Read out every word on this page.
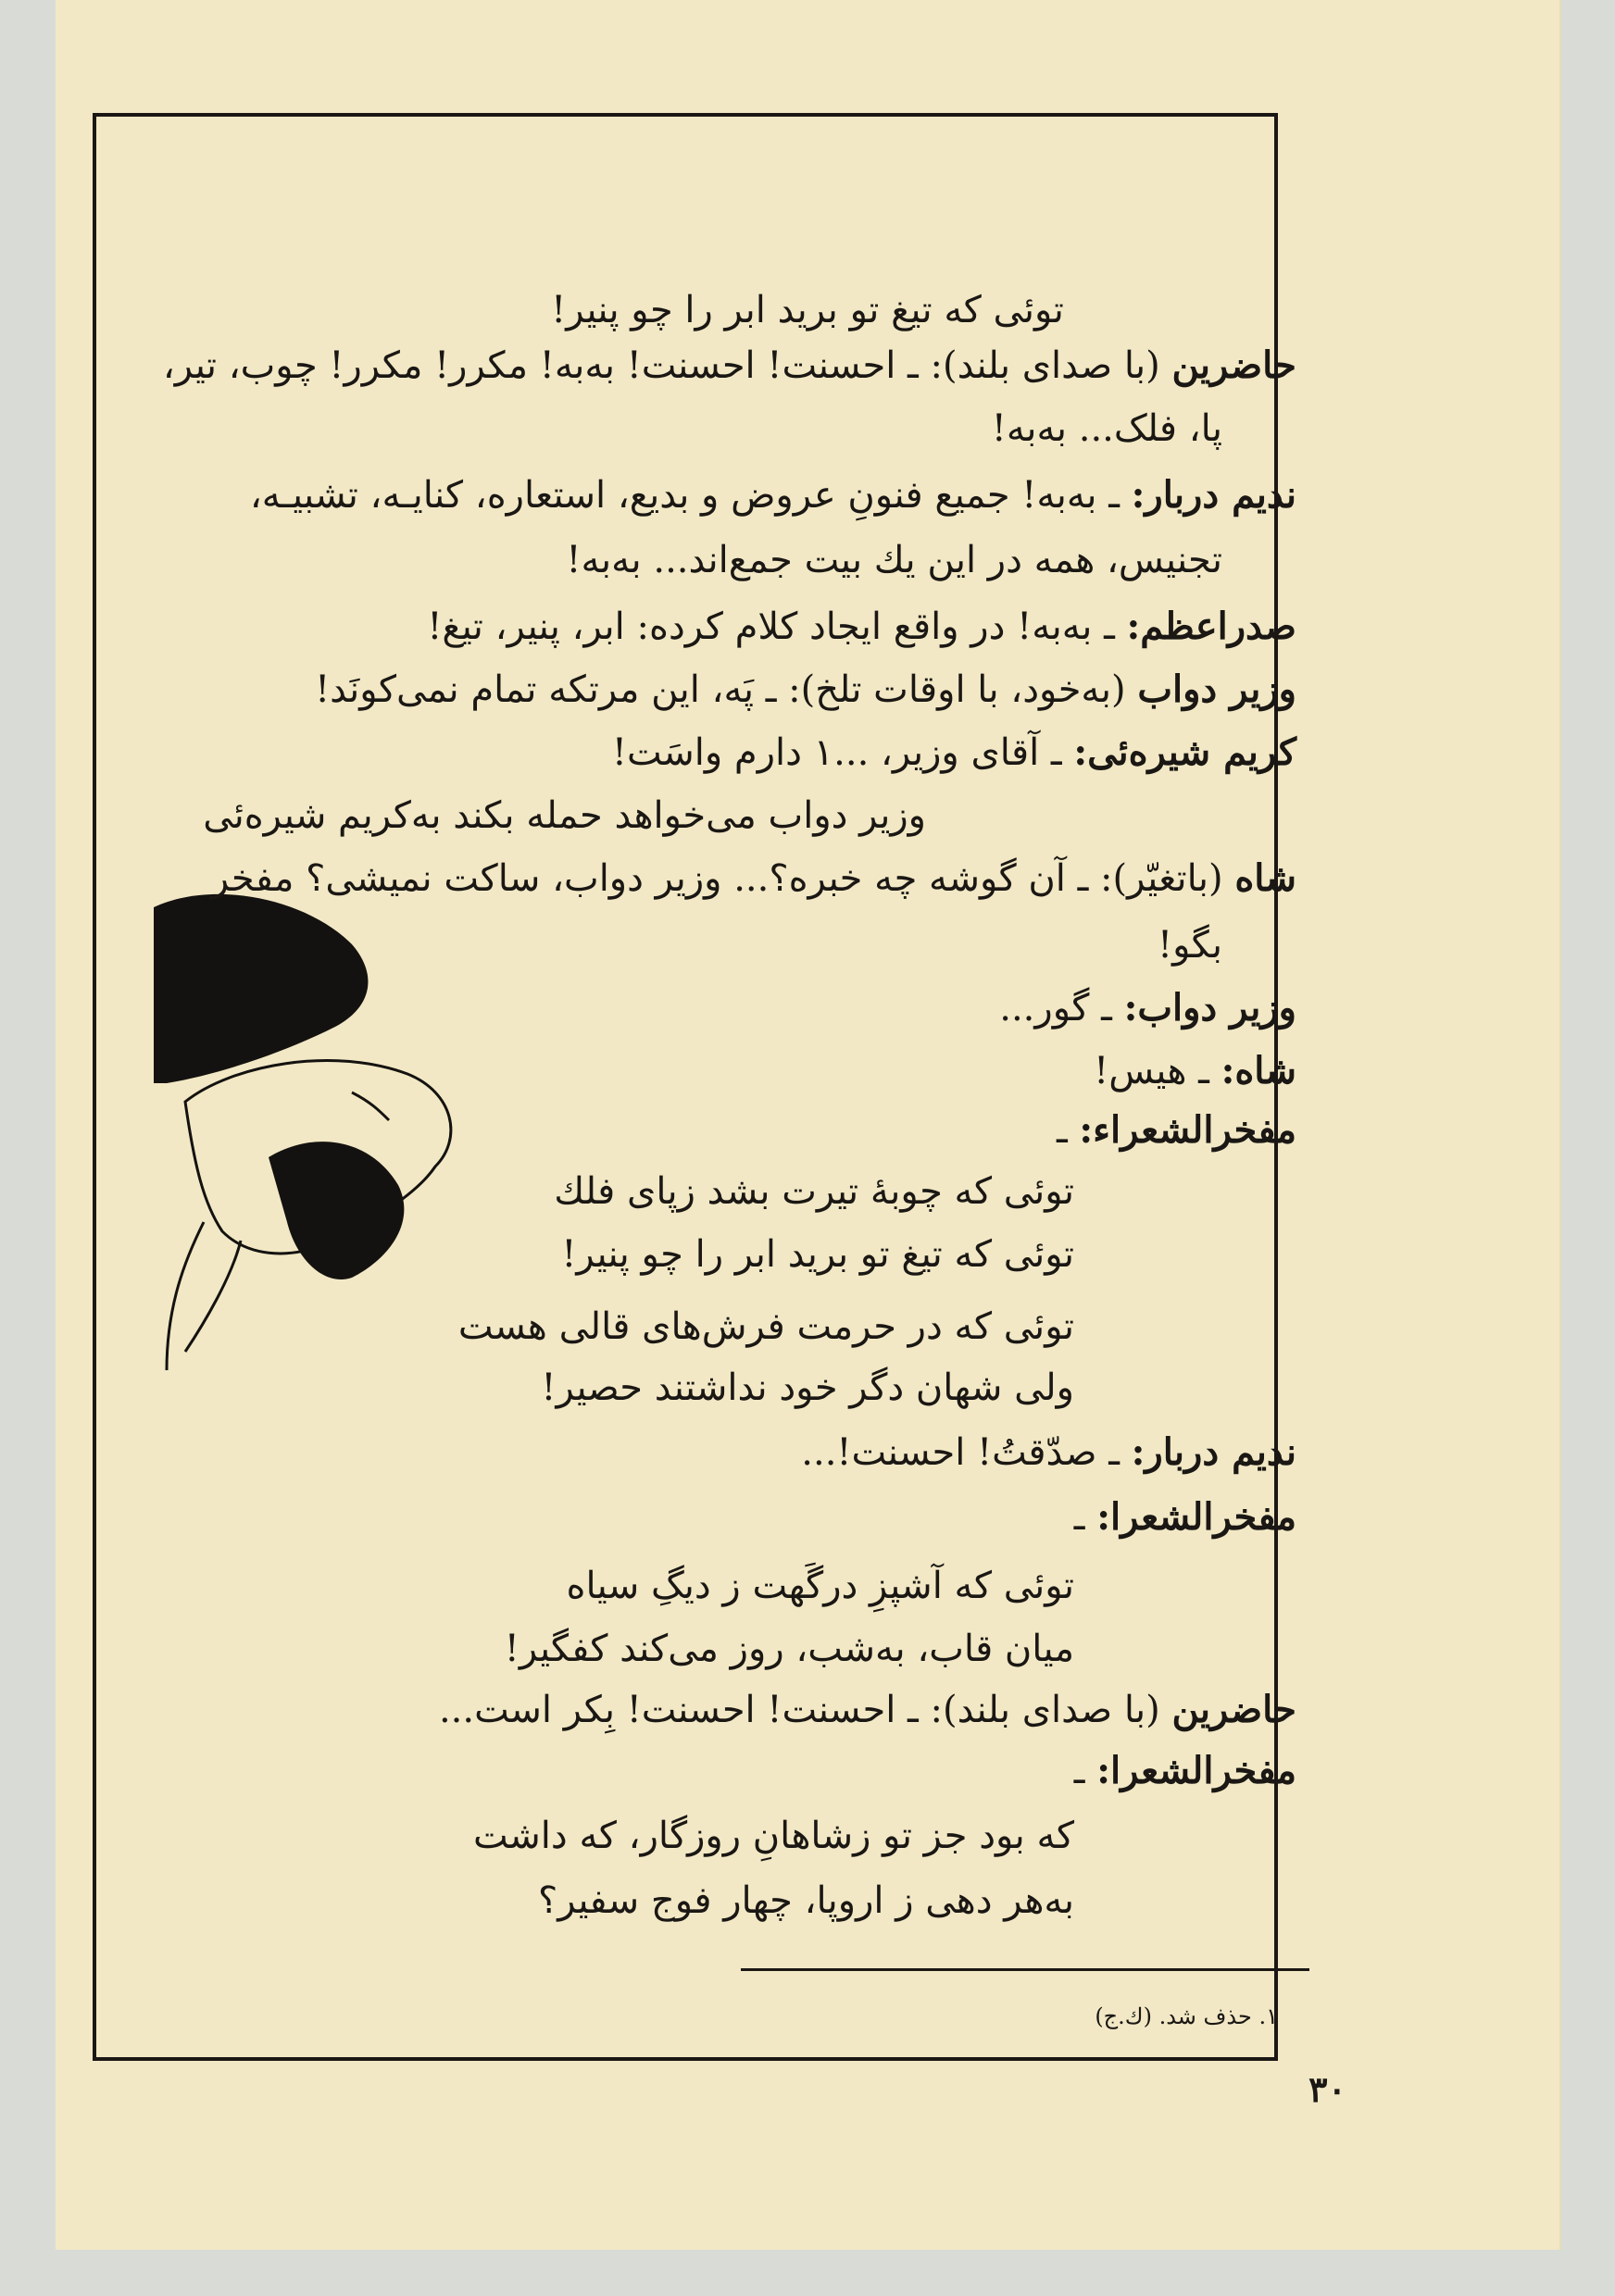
توئی که تیغ تو برید ابر را چو پنیر!
حاضرین (با صدای بلند): ـ احسنت! احسنت! به‌به! مکرر! مکرر! چوب، تیر،
پا، فلک... به‌به!
ندیم دربار: ـ به‌به! جمیع فنونِ عروض و بدیع، استعاره، کنایـه، تشبیـه،
تجنیس، همه در این یك بیت جمع‌اند... به‌به!
صدراعظم: ـ به‌به! در واقع ایجاد کلام کرده: ابر، پنیر، تیغ!
وزیر دواب (به‌خود، با اوقات تلخ): ـ پَه، این مرتکه تمام نمی‌کونَد!
کریم شیره‌ئی: ـ آقای وزیر، ...۱ دارم واسَت!
وزیر دواب می‌خواهد حمله بکند به‌کریم شیره‌ئی
شاه (باتغیّر): ـ آن گوشه چه خبره؟... وزیر دواب، ساکت نمیشی؟ مفخر
بگو!
وزیر دواب: ـ گور...
شاه: ـ هیس!
مفخرالشعراء: ـ
توئی که چوبهٔ تیرت بشد زپای فلك
توئی که تیغ تو برید ابر را چو پنیر!
توئی که در حرمت فرش‌های قالی هست
ولی شهان دگر خود نداشتند حصیر!
ندیم دربار: ـ صدّقتُ! احسنت!...
مفخرالشعرا: ـ
توئی که آشپزِ درگَهت ز دیگِ سیاه
میان قاب، به‌شب، روز می‌کند کفگیر!
حاضرین (با صدای بلند): ـ احسنت! احسنت! بِکر است...
مفخرالشعرا: ـ
که بود جز تو زشاهانِ روزگار، که داشت
به‌هر دهی ز اروپا، چهار فوج سفیر؟
۱. حذف شد. (ك.ج)
۳۰
